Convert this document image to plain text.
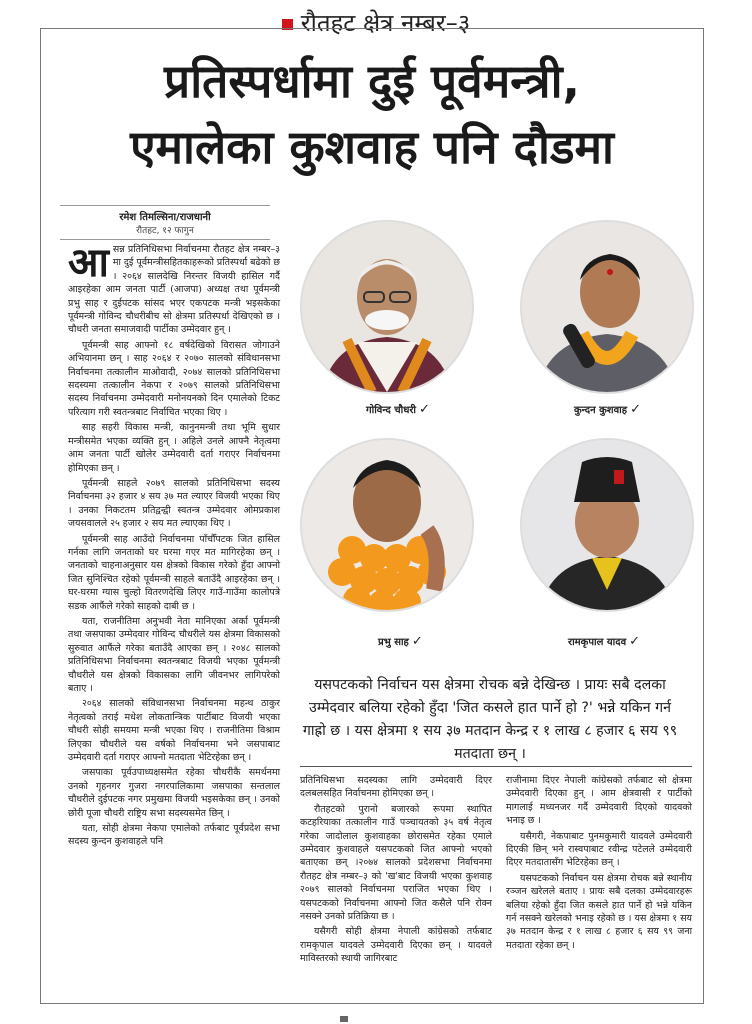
रौतहट क्षेत्र नम्बर–३
प्रतिस्पर्धामा दुई पूर्वमन्त्री,
एमालेका कुशवाह पनि दौडमा
रमेश तिमल्सिना/राजधानी
रौतहट, १२ फागुन

आसन्न प्रतिनिधिसभा निर्वाचनमा रौतहट क्षेत्र नम्बर–३ मा दुई पूर्वमन्त्रीसहितकाहरूको प्रतिस्पर्धा बढेको छ । २०६४ सालदेखि निरन्तर विजयी हासिल गर्दै आइरहेका आम जनता पार्टी (आजपा) अध्यक्ष तथा पूर्वमन्त्री प्रभु साह र दुईपटक सांसद भएर एकपटक मन्त्री भइसकेका पूर्वमन्त्री गोविन्द चौधरीबीच सो क्षेत्रमा प्रतिस्पर्धा देखिएको छ । चौधरी जनता समाजवादी पार्टीका उम्मेदवार हुन् ।

पूर्वमन्त्री साह आफ्नो १८ वर्षदेखिको विरासत जोगाउने अभियानमा छन् । साह २०६४ र २०७० सालको संविधानसभा निर्वाचनमा तत्कालीन माओवादी, २०७४ सालको प्रतिनिधिसभा सदस्यमा तत्कालीन नेकपा र २०७९ सालको प्रतिनिधिसभा सदस्य निर्वाचनमा उम्मेदवारी मनोनयनको दिन एमालेको टिकट परित्याग गरी स्वतन्त्रबाट निर्वाचित भएका थिए ।

साह सहरी विकास मन्त्री, कानुनमन्त्री तथा भूमि सुधार मन्त्रीसमेत भएका व्यक्ति हुन् । अहिले उनले आफ्नै नेतृत्वमा आम जनता पार्टी खोलेर उम्मेदवारी दर्ता गराएर निर्वाचनमा होमिएका छन् ।

पूर्वमन्त्री साहले २०७९ सालको प्रतिनिधिसभा सदस्य निर्वाचनमा ३२ हजार ४ सय ३७ मत ल्याएर विजयी भएका थिए । उनका निकटतम प्रतिद्वन्द्वी स्वतन्त्र उम्मेदवार ओमप्रकाश जयसवालले २५ हजार २ सय मत ल्याएका थिए ।

पूर्वमन्त्री साह आउँदो निर्वाचनमा पाँचौँपटक जित हासिल गर्नका लागि जनताको घर घरमा गएर मत मागिरहेका छन् । जनताको चाहनाअनुसार यस क्षेत्रको विकास गरेको हुँदा आफ्नो जित सुनिश्चित रहेको पूर्वमन्त्री साहले बताउँदै आइरहेका छन् । घर-घरमा ग्यास चुल्हो वितरणदेखि लिएर गाउँ-गाउँमा कालोपत्रे सडक आफैंले गरेको साहको दाबी छ ।

यता, राजनीतिमा अनुभवी नेता मानिएका अर्का पूर्वमन्त्री तथा जसपाका उम्मेदवार गोविन्द चौधरीले यस क्षेत्रमा विकासको सुरुवात आफैंले गरेका बताउँदै आएका छन् । २०४८ सालको प्रतिनिधिसभा निर्वाचनमा स्वतन्त्रबाट विजयी भएका पूर्वमन्त्री चौधरीले यस क्षेत्रको विकासका लागि जीवनभर लागिपरेको बताए ।

२०६४ सालको संविधानसभा निर्वाचनमा महन्थ ठाकुर नेतृत्वको तराई मधेश लोकतान्त्रिक पार्टीबाट विजयी भएका चौधरी सोही समयमा मन्त्री भएका थिए । राजनीतिमा विश्राम लिएका चौधरीले यस वर्षको निर्वाचनमा भने जसपाबाट उम्मेदवारी दर्ता गराएर आफ्नो मतदाता भेटिरहेका छन् ।

जसपाका पूर्वउपाध्यक्षसमेत रहेका चौधरीकै समर्थनमा उनको गृहनगर गुजरा नगरपालिकामा जसपाका सन्तलाल चौधरीले दुईपटक नगर प्रमुखमा विजयी भइसकेका छन् । उनको छोरी पूजा चौधरी राष्ट्रिय सभा सदस्यसमेत छिन् ।

यता, सोही क्षेत्रमा नेकपा एमालेको तर्फबाट पूर्वप्रदेश सभा सदस्य कुन्दन कुशवाहले पनि

गोविन्द चौधरी ✓	कुन्दन कुशवाह ✓
प्रभु साह ✓	रामकृपाल यादव ✓
यसपटकको निर्वाचन यस क्षेत्रमा रोचक बन्ने देखिन्छ । प्रायः सबै दलका उम्मेदवार बलिया रहेको हुँदा 'जित कसले हात पार्ने हो ?' भन्ने यकिन गर्न गाह्रो छ । यस क्षेत्रमा १ सय ३७ मतदान केन्द्र र १ लाख ८ हजार ६ सय ९९ मतदाता छन् ।

प्रतिनिधिसभा सदस्यका लागि उम्मेदवारी दिएर दलबलसहित निर्वाचनमा होमिएका छन् ।

रौतहटको पुरानो बजारको रूपमा स्थापित कटहरियाका तत्कालीन गाउँ पञ्चायतको ३५ वर्ष नेतृत्व गरेका जादोलाल कुशवाहका छोरासमेत रहेका एमाले उम्मेदवार कुशवाहले यसपटकको जित आफ्नो भएको बताएका छन् ।२०७४ सालको प्रदेशसभा निर्वाचनमा रौतहट क्षेत्र नम्बर–३ को 'ख'बाट विजयी भएका कुशवाह २०७९ सालको निर्वाचनमा पराजित भएका थिए । यसपटकको निर्वाचनमा आफ्नो जित कसैले पनि रोक्न नसक्ने उनको प्रतिक्रिया छ ।

यसैगरी सोही क्षेत्रमा नेपाली कांग्रेसको तर्फबाट रामकृपाल यादवले उम्मेदवारी दिएका छन् । यादवले माविस्तरको स्थायी जागिरबाट

राजीनामा दिएर नेपाली कांग्रेसको तर्फबाट सो क्षेत्रमा उम्मेदवारी दिएका हुन् । आम क्षेत्रवासी र पार्टीको मागलाई मध्यनजर गर्दै उम्मेदवारी दिएको यादवको भनाइ छ ।

यसैगरी, नेकपाबाट पुनमकुमारी यादवले उम्मेदवारी दिएकी छिन् भने रास्वपाबाट रवीन्द्र पटेलले उम्मेदवारी दिएर मतदातासँग भेटिरहेका छन् ।

यसपटकको निर्वाचन यस क्षेत्रमा रोचक बन्ने स्थानीय रञ्जन खरेलले बताए । प्रायः सबै दलका उम्मेदवारहरू बलिया रहेको हुँदा जित कसले हात पार्ने हो भन्ने यकिन गर्न नसक्ने खरेलको भनाइ रहेको छ । यस क्षेत्रमा १ सय ३७ मतदान केन्द्र र १ लाख ८ हजार ६ सय ९९ जना मतदाता रहेका छन् ।
